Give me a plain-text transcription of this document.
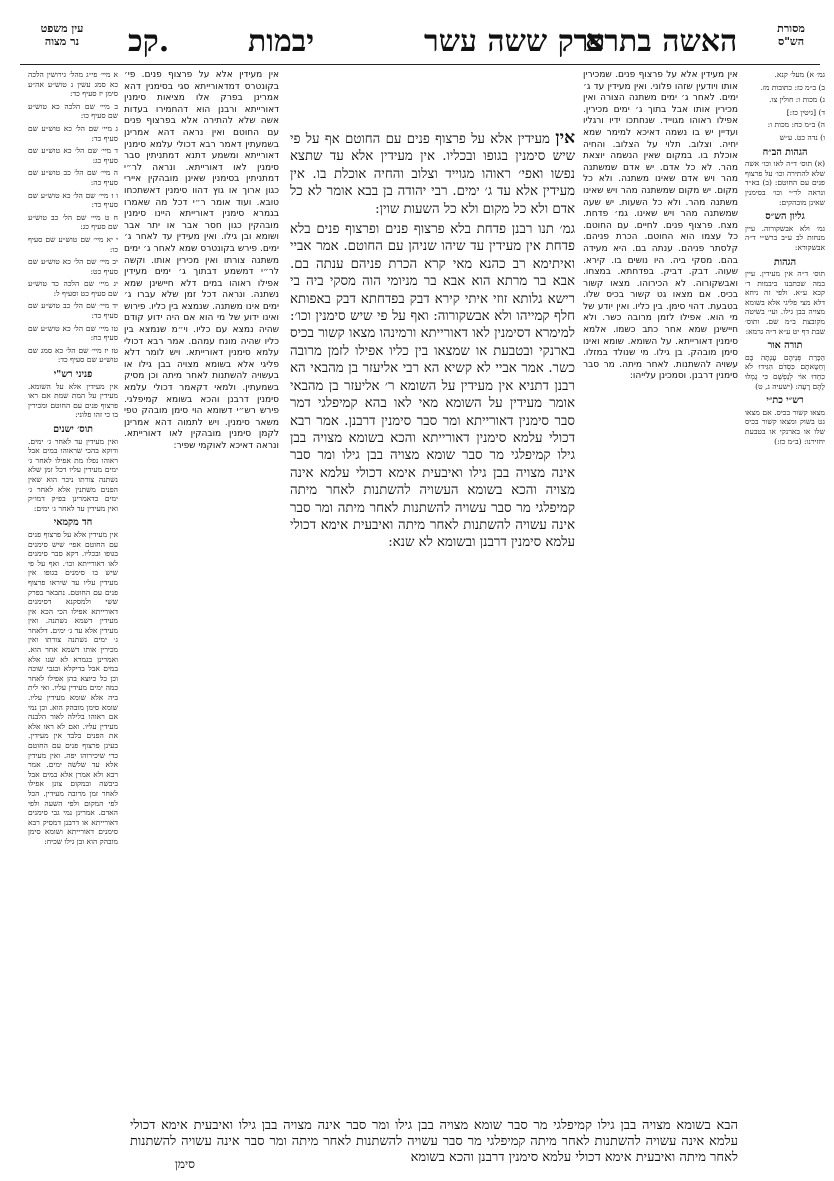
עין משפט
נר מצוה	קכ.	יבמות	פרק ששה עשר
האשה בתרא	מסורת
הש"ס

א מיי׳ פי״ג מהל׳ גירושין הלכה כא סמג עשין נ טוש״ע אה״ע סימן יז סעיף כד:

ב מיי׳ שם הלכה כא טוש״ע שם סעיף כו:

ג מיי׳ שם הל׳ כא טוש״ע שם סעיף כד:

ד מיי׳ שם הל׳ כא טוש״ע שם סעיף כג:

ה מיי׳ שם הל׳ כב טוש״ע שם סעיף כה:

ו ז מיי׳ שם הל׳ כא טוש״ע שם סעיף כד:

ח ט מיי׳ שם הל׳ כב טוש״ע שם סעיף כג:

י יא מיי׳ שם טוש״ע שם סעיף כו:

יב מיי׳ שם הל׳ כא טוש״ע שם סעיף כט:

יג מיי׳ שם הלכה כד טוש״ע שם סעיף כט וסעיף ל:

יד מיי׳ שם הל׳ כב טוש״ע שם סעיף כד:

טו מיי׳ שם הל׳ כא טוש״ע שם סעיף כח:

טז יז מיי׳ שם הל׳ כא סמג שם טוש״ע שם סעיף כד:

פניני רש"י

אין מעידין אלא על השומא. מעידין על המת שמת אם ראו פרצוף פנים עם החוטם ומכירין בו כי זהו פלוני:

תוס׳ ישנים

ואין מעידין עד לאחר ג׳ ימים. ודוקא בהכי שראוהו במים אבל ראוהו נפלו מת אפילו לאחר ג׳ ימים מעידין עליו דכל זמן שלא נשתנה צורתו ניכר הוא שאין הפנים משתנין אלא לאחר ג׳ ימים כדאמרינן בפ״ק דמו״ק ואין מעידין עד לאחר ג׳ ימים:

חד מקמאי

אין מעידין אלא על פרצוף פנים עם החוטם אפי׳ שיש סימנים בגופו ובכליו. דקא סבר סימנים לאו דאורייתא וכו׳. ואף על פי שיש בו סימנים בגופו אין מעידין עליו עד שיראו פרצוף פנים עם החוטם. נתבאר בפרק ששי ולמסקנא דסימנים דאורייתא אפילו הכי הכא אין מעידין דשמא נשתנה. ואין מעידין אלא עד ג׳ ימים. דלאחר ג׳ ימים נשתנה צורתו ואין מכירין אותו דשמא אחר הוא. ואמרינן בגמרא לא שנו אלא במים אבל בדיקלא ובגבי שוכה וכן כל כיוצא בהן אפילו לאחר כמה ימים מעידין עליו. ואי לית ביה אלא שומא מעידין עליו. שומא סימן מובהק הוא. וכן נמי אם ראוהו בלילה לאור הלבנה מעידין עליו. ואם לא ראו אלא את הפנים בלבד אין מעידין. בעינן פרצוף פנים עם החוטם כדי שיכירוהו יפה. ואין מעידין אלא עד שלשה ימים. אמר רבא ולא אמרן אלא במים אבל ביבשה ובמקום צונן אפילו לאחר זמן מרובה מעידין. הכל לפי המקום ולפי השעה ולפי האדם. אמרינן נמי גבי סימנים דאורייתא או דרבנן דמסיק רבא סימנים דאורייתא ושומא סימן מובהק הוא ובן גילו שכיח:

אין מעידין אלא על פרצוף פנים. פי׳ בקונטרס דמדאורייתא סגי בסימנין דהא אמרינן בפרק אלו מציאות סימנין דאורייתא ורבנן הוא דהחמירו בעדות אשה שלא להתירה אלא בפרצוף פנים עם החוטם ואין נראה דהא אמרינן בשמעתין דאמר רבא דכולי עלמא סימנין דאורייתא ומשמע דתנא דמתניתין סבר סימנין לאו דאורייתא. ונראה לר״י דמתניתין בסימנין שאינן מובהקין איירי כגון ארוך או גוץ דהוו סימנין דאשתכחו טובא. ועוד אומר ר״י דכל מה שאמרו בגמרא סימנין דאורייתא היינו סימנין מובהקין כגון חסר אבר או יתר אבר ושומא ובן גילו. ואין מעידין עד לאחר ג׳ ימים. פירש בקונטרס שמא לאחר ג׳ ימים משתנה צורתו ואין מכירין אותו. וקשה לר״י דמשמע דבתוך ג׳ ימים מעידין אפילו ראוהו במים דלא חיישינן שמא נשתנה. ונראה דכל זמן שלא עברו ג׳ ימים אינו משתנה. שנמצא בין כליו. פירוש ואינו ידוע של מי הוא אם היה ידוע קודם שהיה נמצא עם כליו. וי״מ שנמצא בין כליו שהיה מונח עמהם. אמר רבא דכולי עלמא סימנין דאורייתא. ויש לומר דלא פליגי אלא בשומא מצויה בבן גילו או בעשויה להשתנות לאחר מיתה וכן מסיק בשמעתין. ולמאי דקאמר דכולי עלמא סימנין דרבנן והכא בשומא קמיפלגי. פירש רש״י דשומא הוי סימן מובהק טפי משאר סימנין. ויש לתמוה דהא אמרינן לקמן סימנין מובהקין לאו דאורייתא. ונראה דאיכא לאוקמי שפיר:

אין מעידין אלא על פרצוף פנים עם החוטם אף על פי שיש סימנין בגופו ובכליו. אין מעידין אלא עד שתצא נפשו ואפי׳ ראוהו מגוייד וצלוב והחיה אוכלת בו. אין מעידין אלא עד ג׳ ימים. רבי יהודה בן בבא אומר לא כל אדם ולא כל מקום ולא כל השעות שוין:

גמ׳ תנו רבנן פדחת בלא פרצוף פנים ופרצוף פנים בלא פדחת אין מעידין עד שיהו שניהן עם החוטם. אמר אביי ואיתימא רב כהנא מאי קרא הכרת פניהם ענתה בם. אבא בר מרתא הוא אבא בר מניומי הוה מסקי ביה בי רישא גלותא זוזי איתי קירא דבק בפדחתא דבק באפותא חלף קמייהו ולא אבשקורוה: ואף על פי שיש סימנין וכו׳: למימרא דסימנין לאו דאורייתא ורמינהו מצאו קשור בכיס בארנקי ובטבעת או שמצאו בין כליו אפילו לזמן מרובה כשר. אמר אביי לא קשיא הא רבי אליעזר בן מהבאי הא רבנן דתניא אין מעידין על השומא ר׳ אליעזר בן מהבאי אומר מעידין על השומא מאי לאו בהא קמיפלגי דמר סבר סימנין דאורייתא ומר סבר סימנין דרבנן. אמר רבא דכולי עלמא סימנין דאורייתא והכא בשומא מצויה בבן גילו קמיפלגי מר סבר שומא מצויה בבן גילו ומר סבר אינה מצויה בבן גילו ואיבעית אימא דכולי עלמא אינה מצויה והכא בשומא העשויה להשתנות לאחר מיתה קמיפלגי מר סבר עשויה להשתנות לאחר מיתה ומר סבר אינה עשויה להשתנות לאחר מיתה ואיבעית אימא דכולי עלמא סימנין דרבנן ובשומא לא שנא:

אין מעידין אלא על פרצוף פנים. שמכירין אותו ויודעין שזהו פלוני. ואין מעידין עד ג׳ ימים. לאחר ג׳ ימים משתנה הצורה ואין מכירין אותו אבל בתוך ג׳ ימים מכירין. אפילו ראוהו מגוייד. שנחתכו ידיו ורגליו ועדיין יש בו נשמה דאיכא למימר שמא יחיה. וצלוב. תלוי על הצלוב. והחיה אוכלת בו. במקום שאין הנשמה יוצאת מהר. לא כל אדם. יש אדם שמשתנה מהר ויש אדם שאינו משתנה. ולא כל מקום. יש מקום שמשתנה מהר ויש שאינו משתנה מהר. ולא כל השעות. יש שעה שמשתנה מהר ויש שאינו. גמ׳ פדחת. מצח. פרצוף פנים. לחיים. עם החוטם. כל עצמו הוא החוטם. הכרת פניהם. קלסתר פניהם. ענתה בם. היא מעידה בהם. מסקי ביה. היו נושים בו. קירא. שעוה. דבק. דביק. בפדחתא. במצחו. ואבשקורוה. לא הכירוהו. מצאו קשור בכיס. אם מצאו גט קשור בכיס שלו. בטבעת. דהוי סימן. בין כליו. ואין יודע של מי הוא. אפילו לזמן מרובה כשר. ולא חיישינן שמא אחר כתב כשמו. אלמא סימנין דאורייתא. על השומא. שומא ואינו סימן מובהק. בן גילו. מי שנולד במזלו. עשויה להשתנות. לאחר מיתה. מר סבר סימנין דרבנן. וסמכינן עלייהו:

גמ׳ א) מעל׳ קנא.

ב) ב״מ כז: כתובות מז.

ג) מכות ו: חולין צו.

ד) [גיטין כז:]

ה) ב״מ כח: מכות ו:

ו) נדה כט. ע״ש

הגהות הב״ח

(א) תוס׳ ד״ה לאו וכו׳ אשה שלא להתירה וכו׳ על פרצוף פנים עם החוטם: (ב) בא״ד ונראה לר״י וכו׳ בסימנין שאינן מובהקים:

גליון הש״ס

גמ׳ ולא אבשקורוה. עיין מנחות לב ע״ב ברש״י ד״ה אבשקורא:

הגהות

תוס׳ ד״ה אין מעידין. עיין במה שכתבנו ביבמות ד׳ קכא ע״א. ולפי זה ניחא דלא מצי פליגי אלא בשומא מצויה בבן גילו. ועי׳ בשיטה מקובצת ב״מ שם. ותוס׳ שבת דף יט ע״א ד״ה גרמא:

תורה אור

הַכָּרַת פְּנֵיהֶם עָנְתָה בָּם וְחַטָּאתָם כִּסְדֹם הִגִּידוּ לֹא כִחֵדוּ אוֹי לְנַפְשָׁם כִּי גָמְלוּ לָהֶם רָעָה: (ישעיה ג, ט)

רש״י כת״י

מצאו קשור בכיס. אם מצאו גט בשוק ומצאו קשור בכיס שלו או בארנקי או בטבעת יחזירנו: (ב״מ כז:)

הבא בשומא מצויה בבן גילו קמיפלגי מר סבר שומא מצויה בבן גילו ומר סבר אינה מצויה בבן גילו ואיבעית אימא דכולי עלמא אינה עשויה להשתנות לאחר מיתה קמיפלגי מר סבר עשויה להשתנות לאחר מיתה ומר סבר אינה עשויה להשתנות לאחר מיתה ואיבעית אימא דכולי עלמא סימנין דרבנן והכא בשומא
סימן
